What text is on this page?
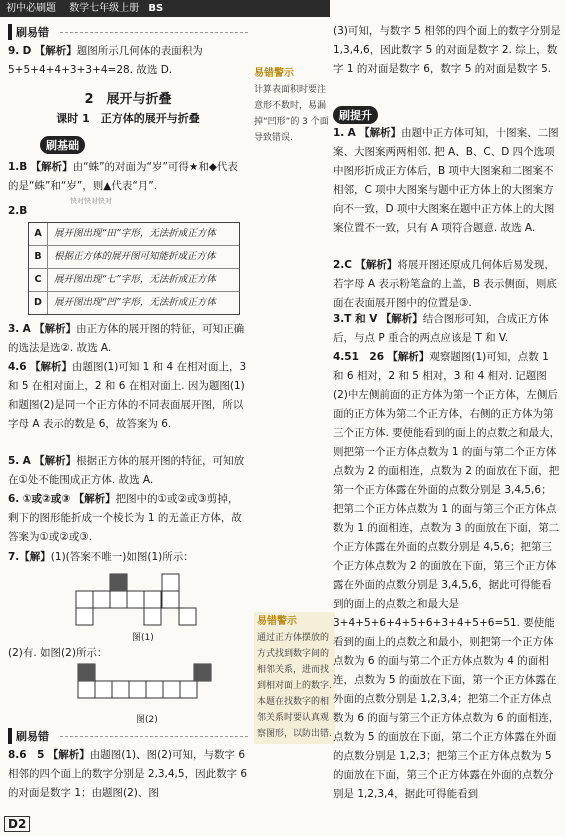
初中必刷题 数学七年级上册 BS
刷易错
9. D 【解析】题图所示几何体的表面积为 5+5+4+4+3+3+4=28. 故选 D.
2　展开与折叠
课时 1　正方体的展开与折叠
刷基础
1.B 【解析】由“蛛”的对面为“岁”可得★和◆代表的是“蛛”和“岁”，则▲代表“月”.
快对快对快对
2.B
A	展开图出现“田”字形，无法折成正方体
B	根据正方体的展开图可知能折成正方体
C	展开图出现“七”字形，无法折成正方体
D	展开图出现“凹”字形，无法折成正方体
3. A 【解析】由正方体的展开图的特征，可知正确的选法是选②. 故选 A.
4.6 【解析】由题图(1)可知 1 和 4 在相对面上，3 和 5 在相对面上，2 和 6 在相对面上. 因为题图(1)和题图(2)是同一个正方体的不同表面展开图，所以字母 A 表示的数是 6，故答案为 6.
5. A 【解析】根据正方体的展开图的特征，可知放在①处不能围成正方体. 故选 A.
6. ①或②或③ 【解析】把图中的①或②或③剪掉，剩下的图形能折成一个棱长为 1 的无盖正方体，故答案为①或②或③.
7.【解】(1)(答案不唯一)如图(1)所示：
图(1)
(2)有. 如图(2)所示：
图(2)
刷易错
8.6　5 【解析】由题图(1)、图(2)可知，与数字 6 相邻的四个面上的数字分别是 2,3,4,5，因此数字 6 的对面是数字 1；由题图(2)、图
易错警示
计算表面积时要注意形不数时，易漏掉“凹形”的 3 个面导致错误.
易错警示
通过正方体摆放的方式找到数字间的相邻关系，进而找到相对面上的数字. 本题在找数字的相邻关系时要认真观察图形，以防出错.
(3)可知，与数字 5 相邻的四个面上的数字分别是 1,3,4,6，因此数字 5 的对面是数字 2. 综上，数字 1 的对面是数字 6，数字 5 的对面是数字 5.
刷提升
1. A 【解析】由题中正方体可知，十图案、二图案、大图案两两相邻. 把 A、B、C、D 四个选项中图形折成正方体后，B 项中大图案和二图案不相邻，C 项中大图案与题中正方体上的大图案方向不一致，D 项中大图案在题中正方体上的大图案位置不一致，只有 A 项符合题意. 故选 A.
2.C 【解析】将展开图还原成几何体后易发现，若字母 A 表示粉笔盒的上盖，B 表示侧面，则底面在表面展开图中的位置是③.
3.T 和 V 【解析】结合图形可知，合成正方体后，与点 P 重合的两点应该是 T 和 V.
4.51　26 【解析】观察题图(1)可知，点数 1 和 6 相对，2 和 5 相对，3 和 4 相对. 记题图(2)中左侧前面的正方体为第一个正方体，左侧后面的正方体为第二个正方体，右侧的正方体为第三个正方体. 要使能看到的面上的点数之和最大，则把第一个正方体点数为 1 的面与第二个正方体点数为 2 的面相连，点数为 2 的面放在下面，把第一个正方体露在外面的点数分别是 3,4,5,6；把第二个正方体点数为 1 的面与第三个正方体点数为 1 的面相连，点数为 3 的面放在下面，第二个正方体露在外面的点数分别是 4,5,6；把第三个正方体点数为 2 的面放在下面，第三个正方体露在外面的点数分别是 3,4,5,6，据此可得能看到的面上的点数之和最大是 3+4+5+6+4+5+6+3+4+5+6=51. 要使能看到的面上的点数之和最小，则把第一个正方体点数为 6 的面与第二个正方体点数为 4 的面相连，点数为 5 的面放在下面，第一个正方体露在外面的点数分别是 1,2,3,4；把第二个正方体点数为 6 的面与第三个正方体点数为 6 的面相连，点数为 5 的面放在下面，第二个正方体露在外面的点数分别是 1,2,3；把第三个正方体点数为 5 的面放在下面，第三个正方体露在外面的点数分别是 1,2,3,4，据此可得能看到
D2
